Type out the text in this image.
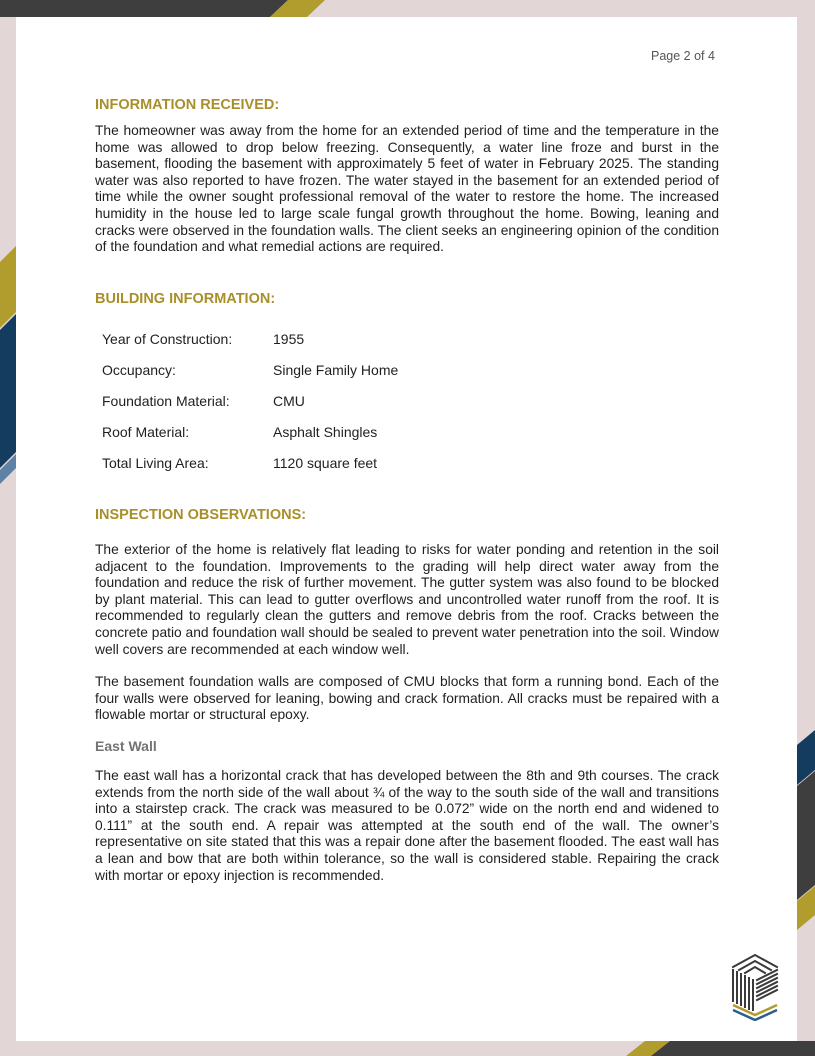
Page 2 of 4
INFORMATION RECEIVED:

The homeowner was away from the home for an extended period of time and the temperature in the home was allowed to drop below freezing. Consequently, a water line froze and burst in the basement, flooding the basement with approximately 5 feet of water in February 2025. The standing water was also reported to have frozen. The water stayed in the basement for an extended period of time while the owner sought professional removal of the water to restore the home. The increased humidity in the house led to large scale fungal growth throughout the home. Bowing, leaning and cracks were observed in the foundation walls. The client seeks an engineering opinion of the condition of the foundation and what remedial actions are required.

BUILDING INFORMATION:
Year of Construction:	1955
Occupancy:	Single Family Home
Foundation Material:	CMU
Roof Material:	Asphalt Shingles
Total Living Area:	1120 square feet
INSPECTION OBSERVATIONS:

The exterior of the home is relatively flat leading to risks for water ponding and retention in the soil adjacent to the foundation. Improvements to the grading will help direct water away from the foundation and reduce the risk of further movement. The gutter system was also found to be blocked by plant material. This can lead to gutter overflows and uncontrolled water runoff from the roof. It is recommended to regularly clean the gutters and remove debris from the roof. Cracks between the concrete patio and foundation wall should be sealed to prevent water penetration into the soil. Window well covers are recommended at each window well.

The basement foundation walls are composed of CMU blocks that form a running bond. Each of the four walls were observed for leaning, bowing and crack formation. All cracks must be repaired with a flowable mortar or structural epoxy.

East Wall

The east wall has a horizontal crack that has developed between the 8th and 9th courses. The crack extends from the north side of the wall about ¾ of the way to the south side of the wall and transitions into a stairstep crack. The crack was measured to be 0.072” wide on the north end and widened to 0.111” at the south end. A repair was attempted at the south end of the wall. The owner’s representative on site stated that this was a repair done after the basement flooded. The east wall has a lean and bow that are both within tolerance, so the wall is considered stable. Repairing the crack with mortar or epoxy injection is recommended.
